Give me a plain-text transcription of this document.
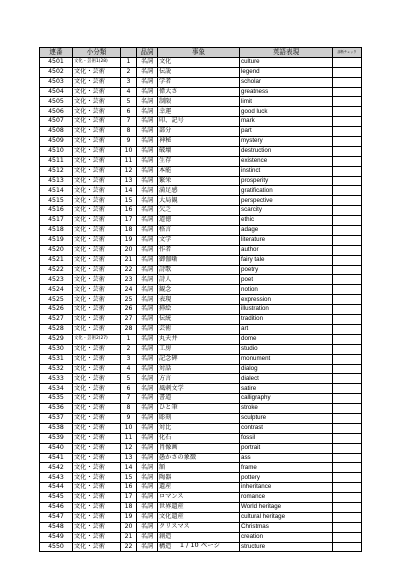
連番	小分類		品詞	事象	英語表現	診断チェック
4501	文化・芸術1(28)	1	名詞	文化	culture	
4502	文化・芸術	2	名詞	伝説	legend	
4503	文化・芸術	3	名詞	学者	scholar	
4504	文化・芸術	4	名詞	偉大さ	greatness	
4505	文化・芸術	5	名詞	制限	limit	
4506	文化・芸術	6	名詞	幸運	good luck	
4507	文化・芸術	7	名詞	印、記号	mark	
4508	文化・芸術	8	名詞	部分	part	
4509	文化・芸術	9	名詞	神秘	mystery	
4510	文化・芸術	10	名詞	破壊	destruction	
4511	文化・芸術	11	名詞	生存	existence	
4512	文化・芸術	12	名詞	本能	instinct	
4513	文化・芸術	13	名詞	繁栄	prosperity	
4514	文化・芸術	14	名詞	満足感	gratification	
4515	文化・芸術	15	名詞	大局観	perspective	
4516	文化・芸術	16	名詞	欠乏	scarcity	
4517	文化・芸術	17	名詞	道徳	ethic	
4518	文化・芸術	18	名詞	格言	adage	
4519	文化・芸術	19	名詞	文学	literature	
4520	文化・芸術	20	名詞	作者	author	
4521	文化・芸術	21	名詞	御伽噺	fairy tale	
4522	文化・芸術	22	名詞	詩歌	poetry	
4523	文化・芸術	23	名詞	詩人	poet	
4524	文化・芸術	24	名詞	観念	notion	
4525	文化・芸術	25	名詞	表現	expression	
4526	文化・芸術	26	名詞	挿絵	illustration	
4527	文化・芸術	27	名詞	伝統	tradition	
4528	文化・芸術	28	名詞	芸術	art	
4529	文化・芸術2(27)	1	名詞	丸天井	dome	
4530	文化・芸術	2	名詞	工房	studio	
4531	文化・芸術	3	名詞	記念碑	monument	
4532	文化・芸術	4	名詞	対話	dialog	
4533	文化・芸術	5	名詞	方言	dialect	
4534	文化・芸術	6	名詞	風刺文学	satire	
4535	文化・芸術	7	名詞	書道	calligraphy	
4536	文化・芸術	8	名詞	ひと筆	stroke	
4537	文化・芸術	9	名詞	彫刻	sculpture	
4538	文化・芸術	10	名詞	対比	contrast	
4539	文化・芸術	11	名詞	化石	fossil	
4540	文化・芸術	12	名詞	肖像画	portrait	
4541	文化・芸術	13	名詞	愚かさの象徴	ass	
4542	文化・芸術	14	名詞	額	frame	
4543	文化・芸術	15	名詞	陶器	pottery	
4544	文化・芸術	16	名詞	遺産	inheritance	
4545	文化・芸術	17	名詞	ロマンス	romance	
4546	文化・芸術	18	名詞	世界遺産	World heritage	
4547	文化・芸術	19	名詞	文化遺産	cultural heritage	
4548	文化・芸術	20	名詞	クリスマス	Christmas	
4549	文化・芸術	21	名詞	創造	creation	
4550	文化・芸術	22	名詞	構造	structure	
1 / 10 ページ
